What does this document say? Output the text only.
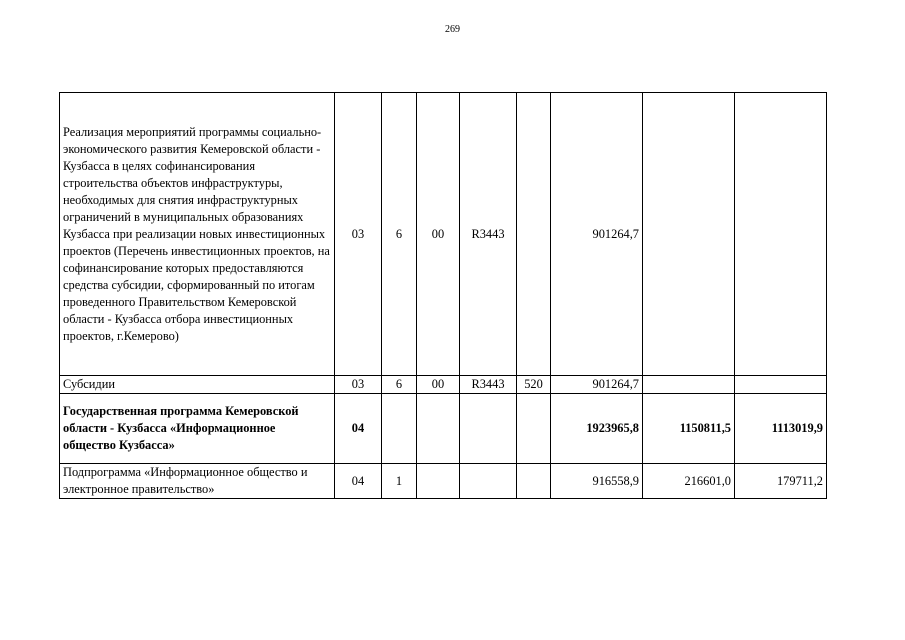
269
Реализация мероприятий программы социально-экономического развития Кемеровской области - Кузбасса в целях софинансирования строительства объектов инфраструктуры, необходимых для снятия инфраструктурных ограничений в муниципальных образованиях Кузбасса при реализации новых инвестиционных проектов (Перечень инвестиционных проектов, на софинансирование которых предоставляются средства субсидии, сформированный по итогам проведенного Правительством Кемеровской области - Кузбасса отбора инвестиционных проектов, г.Кемерово)	03	6	00	R3443		901264,7		
Субсидии	03	6	00	R3443	520	901264,7		
Государственная программа Кемеровской области - Кузбасса «Информационное общество Кузбасса»	04					1923965,8	1150811,5	1113019,9
Подпрограмма «Информационное общество и электронное правительство»	04	1				916558,9	216601,0	179711,2
